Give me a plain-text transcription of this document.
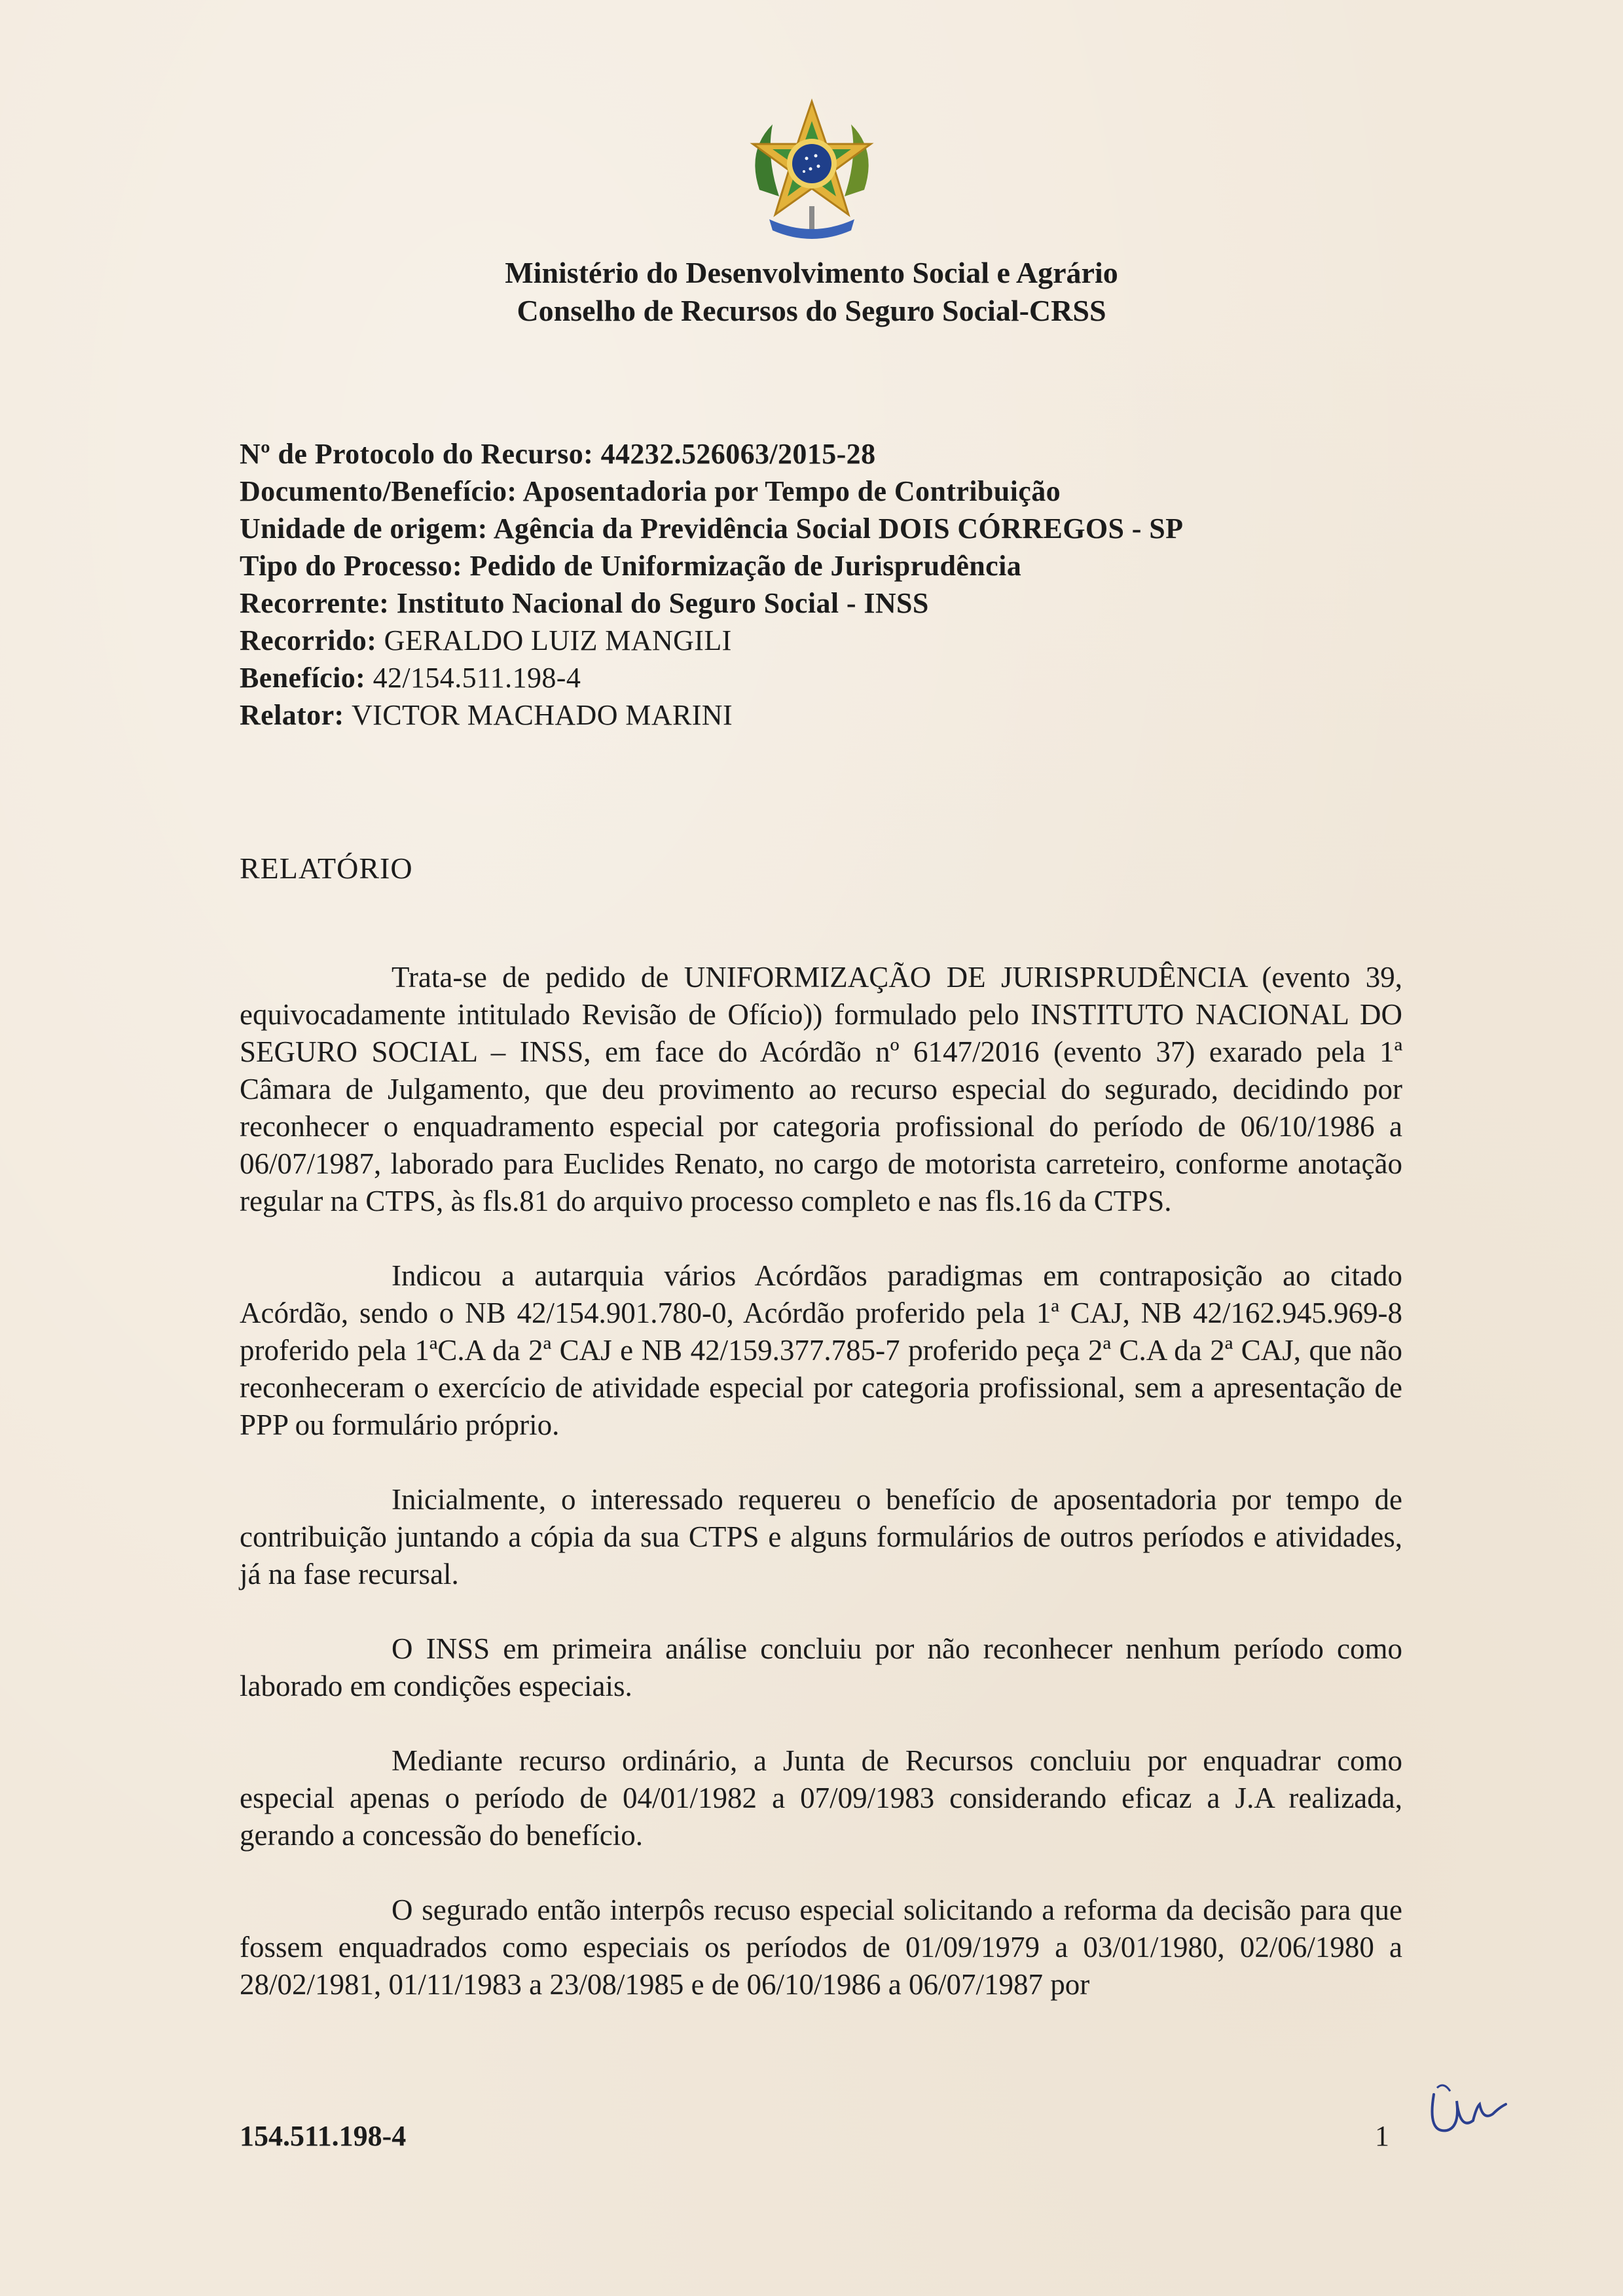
Ministério do Desenvolvimento Social e Agrário
Conselho de Recursos do Seguro Social-CRSS
Nº de Protocolo do Recurso: 44232.526063/2015-28
Documento/Benefício: Aposentadoria por Tempo de Contribuição
Unidade de origem: Agência da Previdência Social DOIS CÓRREGOS - SP
Tipo do Processo: Pedido de Uniformização de Jurisprudência
Recorrente: Instituto Nacional do Seguro Social - INSS
Recorrido: GERALDO LUIZ MANGILI
Benefício: 42/154.511.198-4
Relator: VICTOR MACHADO MARINI
RELATÓRIO

Trata-se de pedido de UNIFORMIZAÇÃO DE JURISPRUDÊNCIA (evento 39, equivocadamente intitulado Revisão de Ofício)) formulado pelo INSTITUTO NACIONAL DO SEGURO SOCIAL – INSS, em face do Acórdão nº 6147/2016 (evento 37) exarado pela 1ª Câmara de Julgamento, que deu provimento ao recurso especial do segurado, decidindo por reconhecer o enquadramento especial por categoria profissional do período de 06/10/1986 a 06/07/1987, laborado para Euclides Renato, no cargo de motorista carreteiro, conforme anotação regular na CTPS, às fls.81 do arquivo processo completo e nas fls.16 da CTPS.

Indicou a autarquia vários Acórdãos paradigmas em contraposição ao citado Acórdão, sendo o NB 42/154.901.780-0, Acórdão proferido pela 1ª CAJ, NB 42/162.945.969-8 proferido pela 1ªC.A da 2ª CAJ e NB 42/159.377.785-7 proferido peça 2ª C.A da 2ª CAJ, que não reconheceram o exercício de atividade especial por categoria profissional, sem a apresentação de PPP ou formulário próprio.

Inicialmente, o interessado requereu o benefício de aposentadoria por tempo de contribuição juntando a cópia da sua CTPS e alguns formulários de outros períodos e atividades, já na fase recursal.

O INSS em primeira análise concluiu por não reconhecer nenhum período como laborado em condições especiais.

Mediante recurso ordinário, a Junta de Recursos concluiu por enquadrar como especial apenas o período de 04/01/1982 a 07/09/1983 considerando eficaz a J.A realizada, gerando a concessão do benefício.

O segurado então interpôs recuso especial solicitando a reforma da decisão para que fossem enquadrados como especiais os períodos de 01/09/1979 a 03/01/1980, 02/06/1980 a 28/02/1981, 01/11/1983 a 23/08/1985 e de 06/10/1986 a 06/07/1987 por

154.511.198-4	1
